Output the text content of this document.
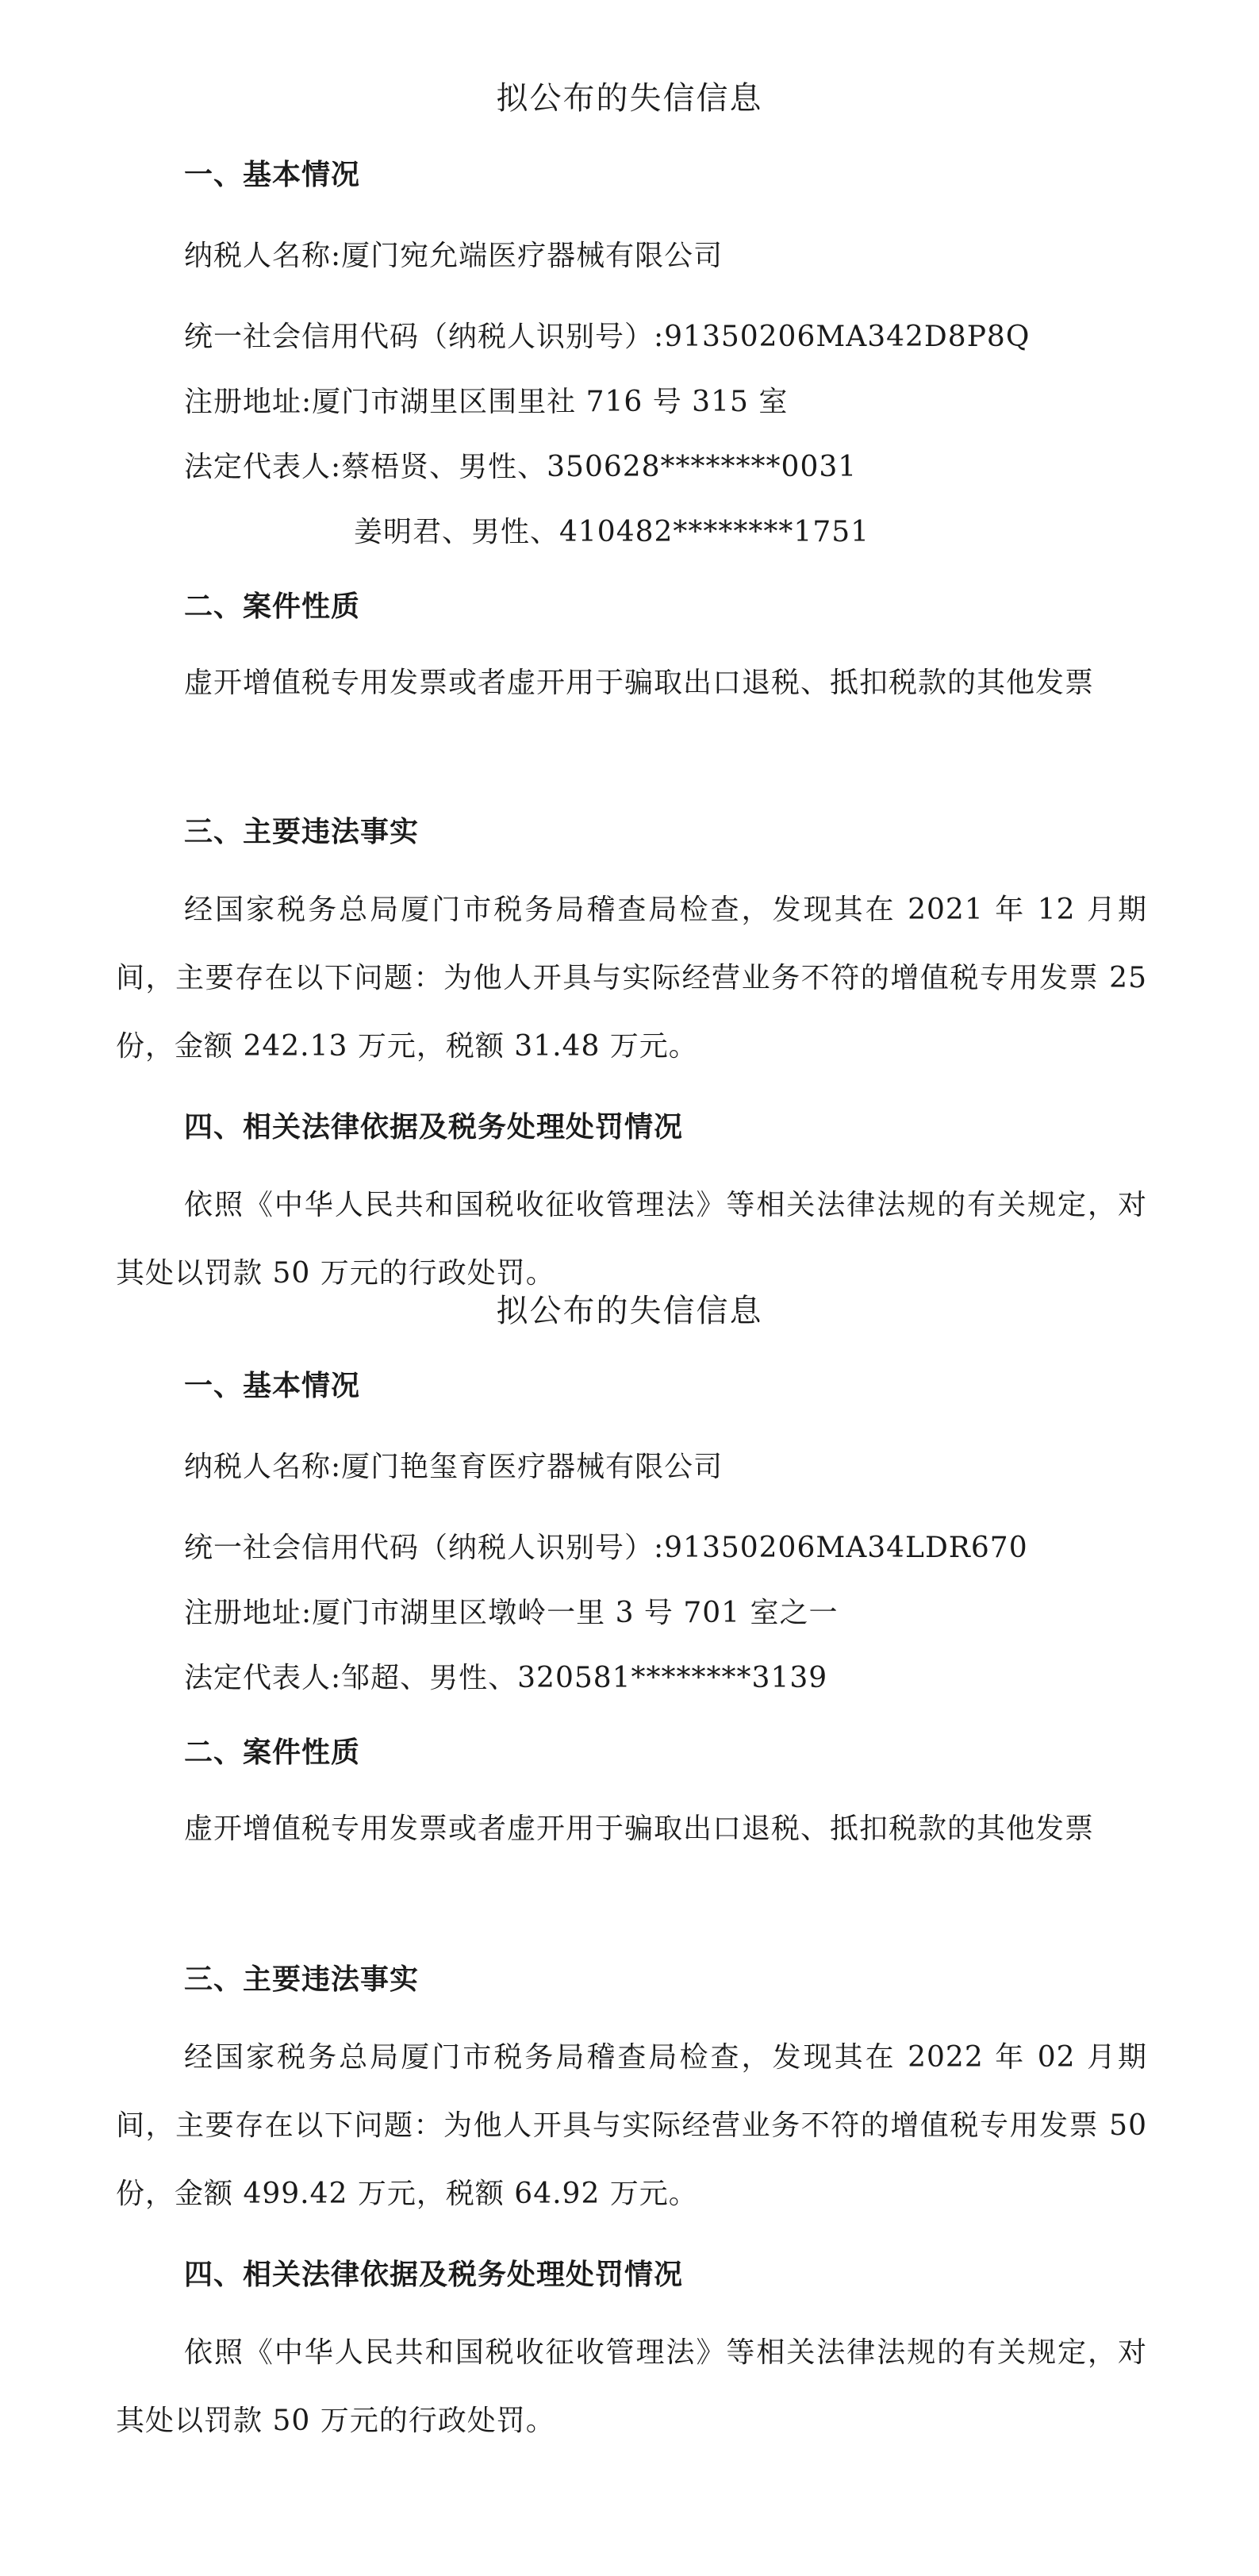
拟公布的失信信息
一、基本情况

纳税人名称:厦门宛允端医疗器械有限公司

统一社会信用代码（纳税人识别号）:91350206MA342D8P8Q

注册地址:厦门市湖里区围里社 716 号 315 室

法定代表人:蔡梧贤、男性、350628********0031

姜明君、男性、410482********1751

二、案件性质

虚开增值税专用发票或者虚开用于骗取出口退税、抵扣税款的其他发票

三、主要违法事实

经国家税务总局厦门市税务局稽查局检查，发现其在 2021 年 12 月期间，主要存在以下问题：为他人开具与实际经营业务不符的增值税专用发票 25 份，金额 242.13 万元，税额 31.48 万元。

四、相关法律依据及税务处理处罚情况

依照《中华人民共和国税收征收管理法》等相关法律法规的有关规定，对其处以罚款 50 万元的行政处罚。

拟公布的失信信息
一、基本情况

纳税人名称:厦门艳玺育医疗器械有限公司

统一社会信用代码（纳税人识别号）:91350206MA34LDR670

注册地址:厦门市湖里区墩岭一里 3 号 701 室之一

法定代表人:邹超、男性、320581********3139

二、案件性质

虚开增值税专用发票或者虚开用于骗取出口退税、抵扣税款的其他发票

三、主要违法事实

经国家税务总局厦门市税务局稽查局检查，发现其在 2022 年 02 月期间，主要存在以下问题：为他人开具与实际经营业务不符的增值税专用发票 50 份，金额 499.42 万元，税额 64.92 万元。

四、相关法律依据及税务处理处罚情况

依照《中华人民共和国税收征收管理法》等相关法律法规的有关规定，对其处以罚款 50 万元的行政处罚。
